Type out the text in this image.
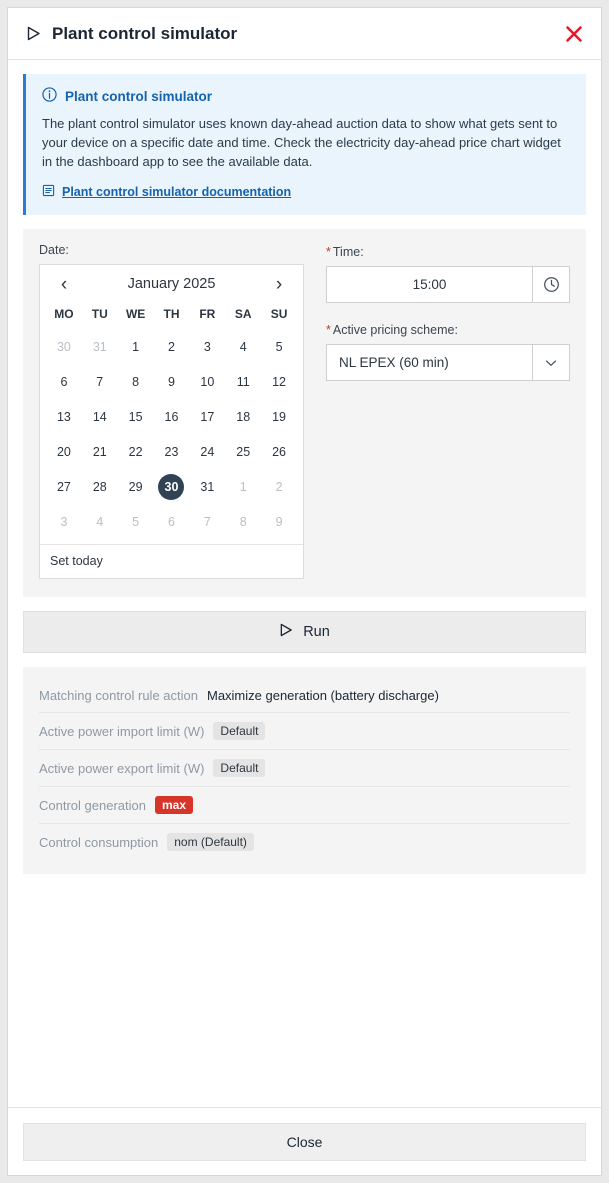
Plant control simulator
Plant control simulator

The plant control simulator uses known day-ahead auction data to show what gets sent to your device on a specific date and time. Check the electricity day-ahead price chart widget in the dashboard app to see the available data.

Plant control simulator documentation
Date:
‹	January 2025	›
MO	TU	WE	TH	FR	SA	SU
30	31	1	2	3	4	5
6	7	8	9	10	11	12
13	14	15	16	17	18	19
20	21	22	23	24	25	26
27	28	29	30	31	1	2
3	4	5	6	7	8	9
Set today
* Time:
15:00
* Active pricing scheme:
NL EPEX (60 min)
Run
Matching control rule action Maximize generation (battery discharge)
Active power import limit (W)	Default
Active power export limit (W)	Default
Control generation	max
Control consumption	nom (Default)
Close
